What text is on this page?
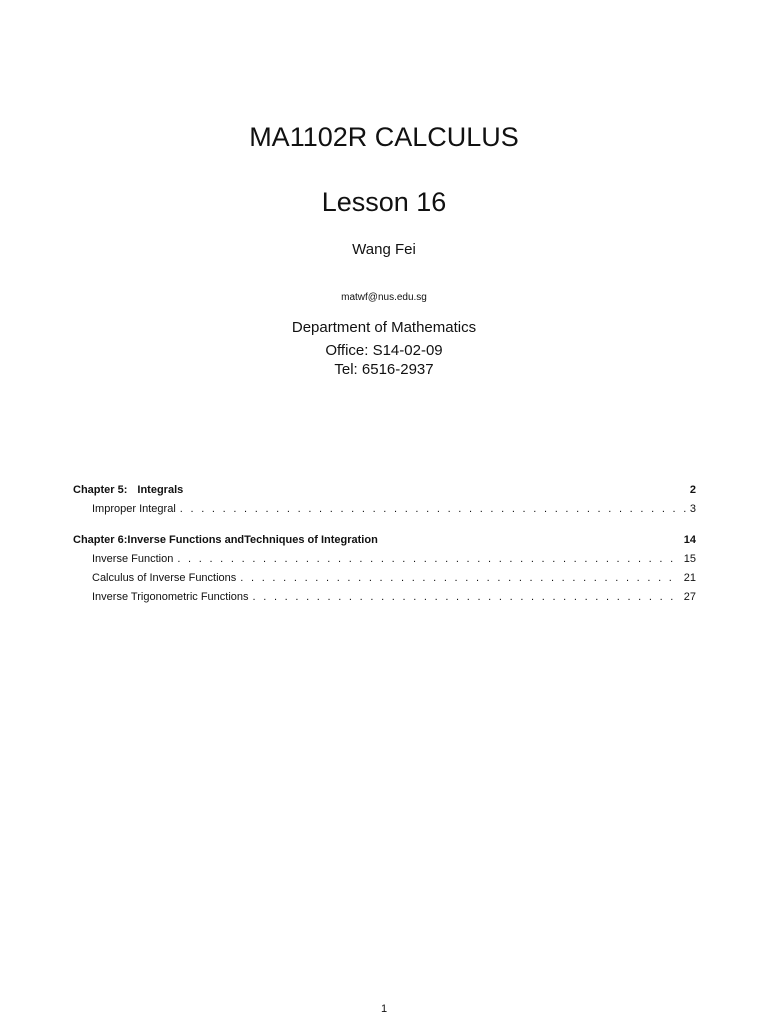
MA1102R CALCULUS
Lesson 16
Wang Fei
matwf@nus.edu.sg
Department of Mathematics
Office: S14-02-09
Tel: 6516-2937
Chapter 5: Integrals	2
Improper Integral . . .	3
Chapter 6:Inverse Functions andTechniques of Integration	14
Inverse Function . . .	15
Calculus of Inverse Functions . . .	21
Inverse Trigonometric Functions . . .	27
1
